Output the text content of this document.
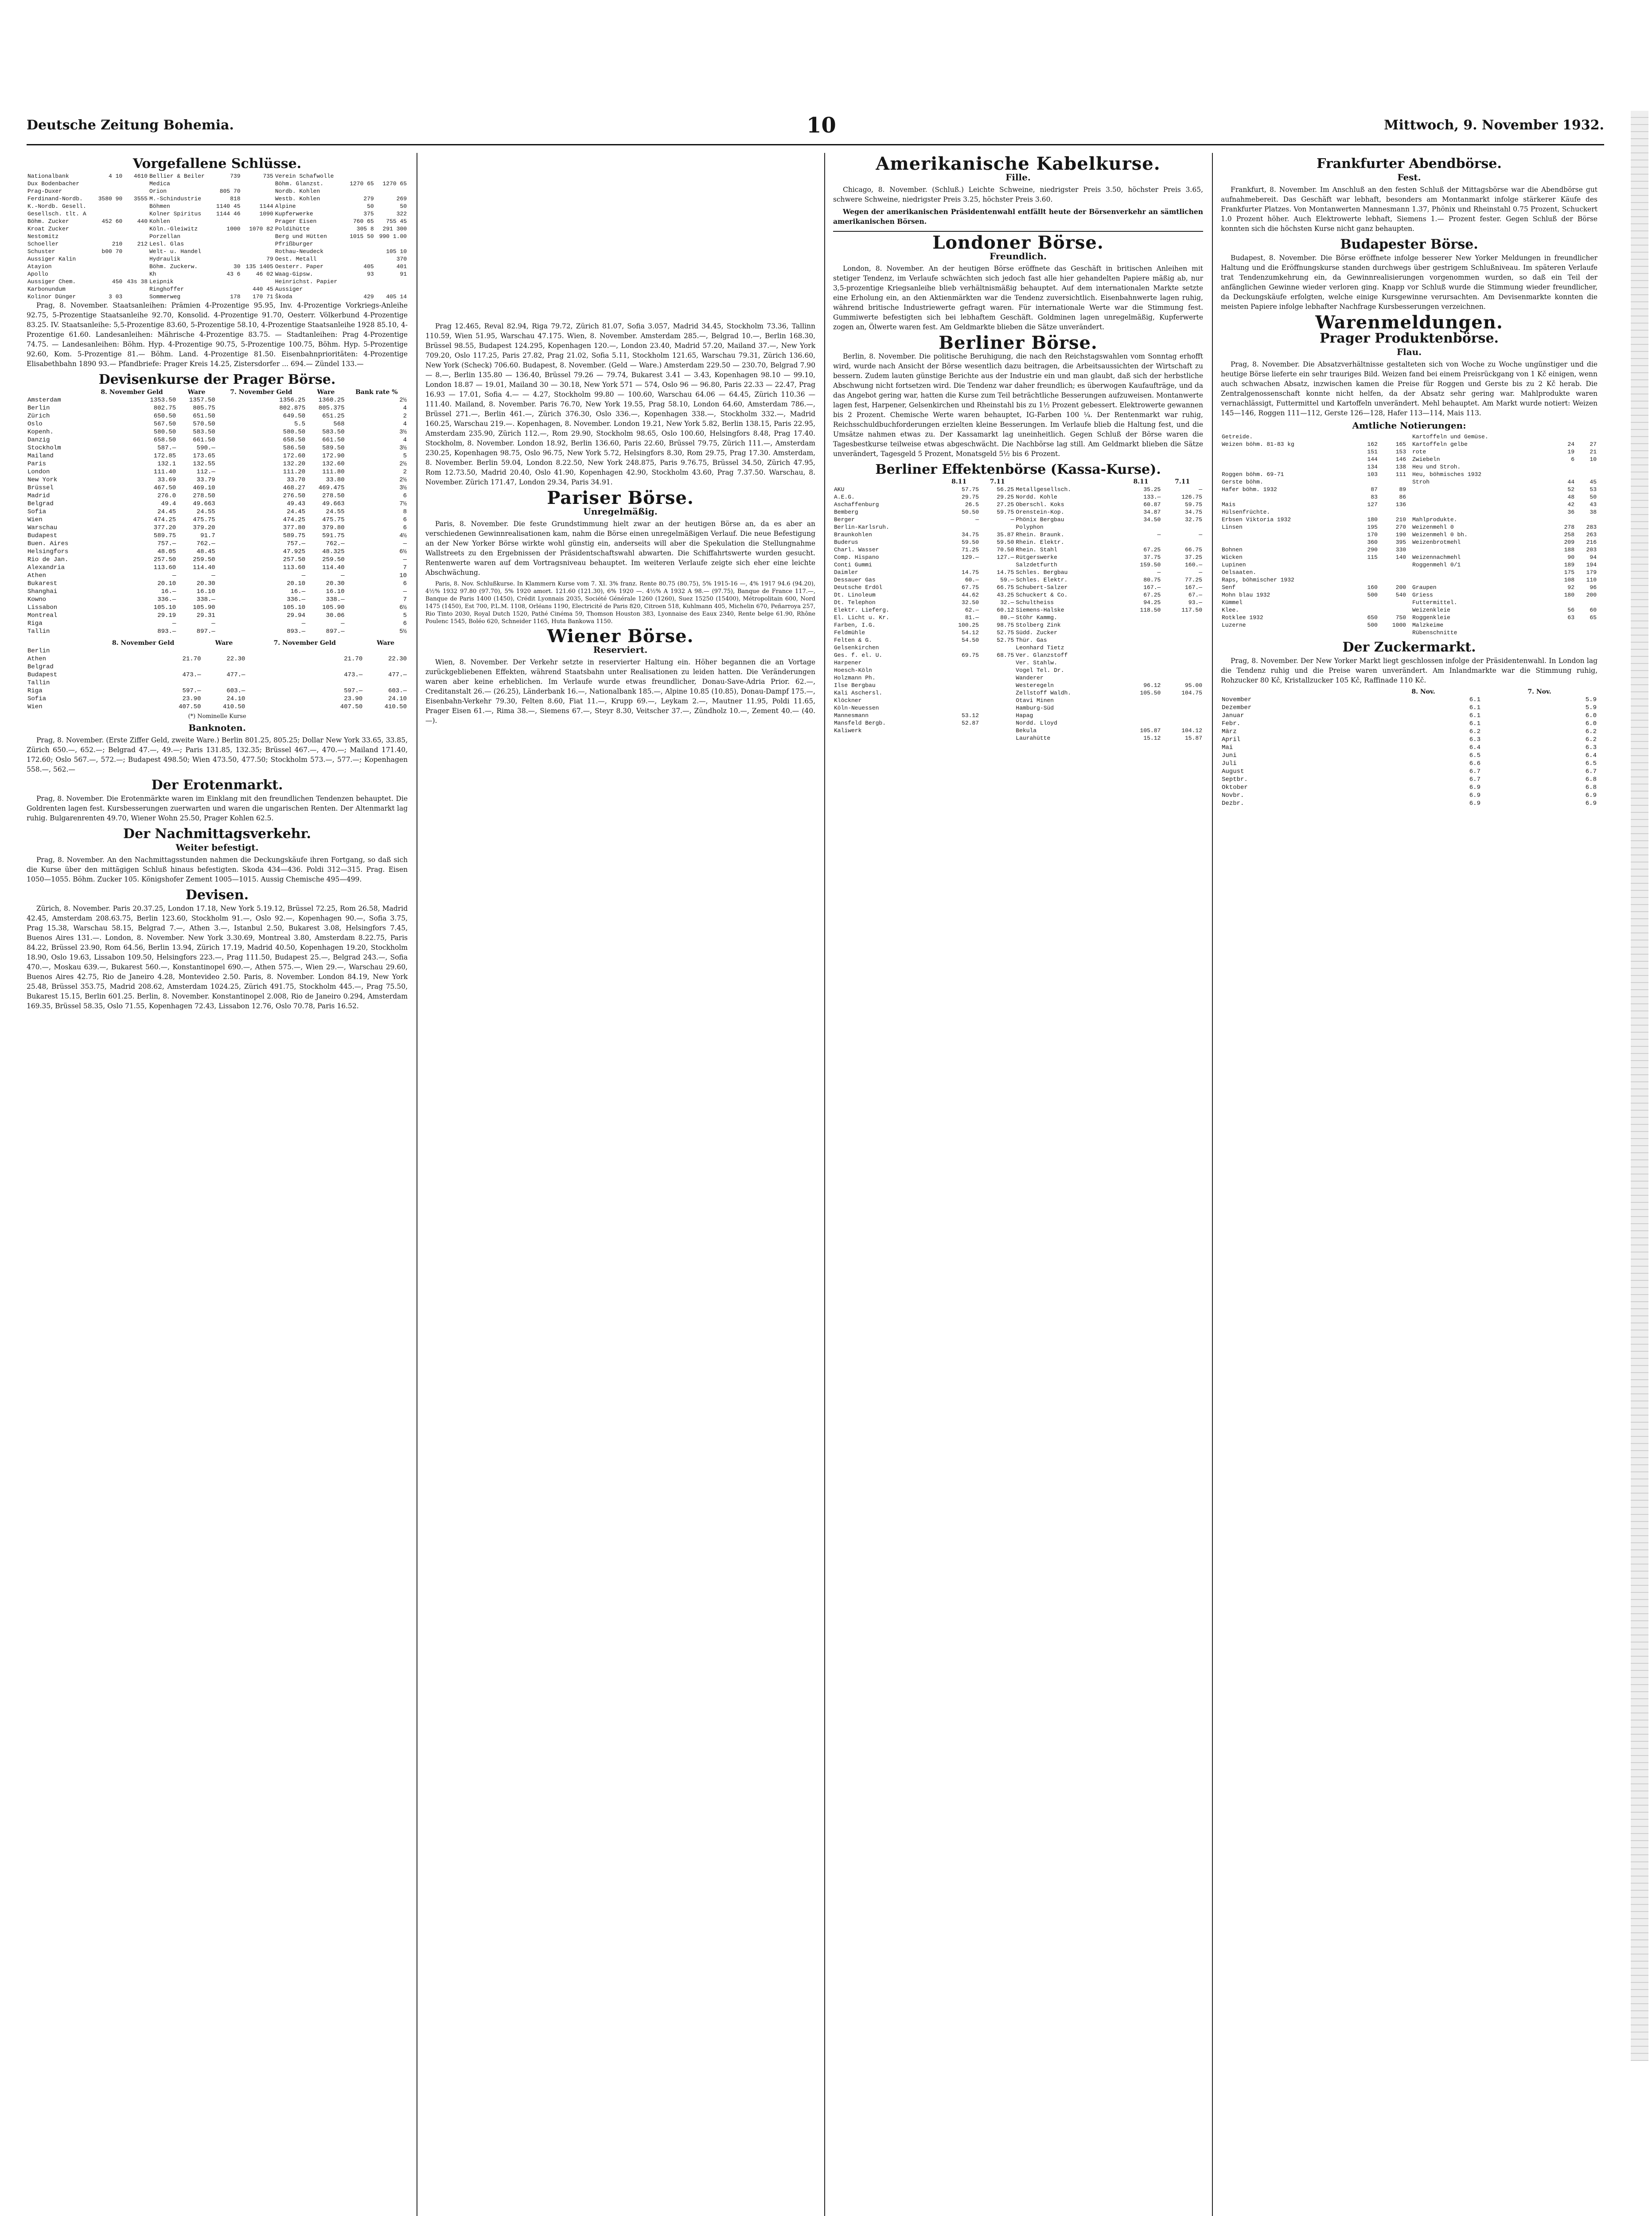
Deutsche Zeitung Bohemia.	10	Mittwoch, 9. November 1932.
Vorgefallene Schlüsse.
Nationalbank	4 10	4610	Bellier & Beiler	739	735	Verein Schafwolle		
Dux Bodenbacher			Medica			Böhm. Glanzst.	1270 65	1270 65
Prag-Duxer			Orion	805 70		Nordb. Kohlen		
Ferdinand-Nordb.	3580 90	3555	M.-Schindustrie	818		Westb. Kohlen	279	269
K.-Nordb. Gesell.			Böhmen	1140 45	1144	Alpine	50	50
Gesellsch. tlt. A			Kolner Spiritus	1144 46	1090	Kupferwerke	375	322
Böhm. Zucker	452 60	440	Kohlen			Prager Eisen	760 65	755 45
Kroat Zucker			Köln.-Gleiwitz	1000	1070 82	Poldihütte	305 8	291 300
Nestomitz			Porzellan			Berg und Hütten	1015 50	990 1.00
Schoeller	210	212	Lesl. Glas			Pfrißburger		
Schuster	b00 70		Welt- u. Handel			Rothau-Neudeck		105 10
Aussiger Kalin			Hydraulik		79	Oest. Metall		370
Atayion			Böhm. Zuckerw.	30	135 1405	Oesterr. Paper	405	401
Apollo			Kh	43 6	46 02	Waag-Gipsw.	93	91
Aussiger Chem.	450	43s 38	Leipnik			Heinrichst. Papier		
Karbonundum			Ringhoffer		440 45	Aussiger		
Kolinor Dünger	3 03		Sommerweg	178	170 71	Škoda	429	405 14

Prag, 8. November. Staatsanleihen: Prämien 4-Prozentige 95.95, Inv. 4-Prozentige Vorkriegs-Anleihe 92.75, 5-Prozentige Staatsanleihe 92.70, Konsolid. 4-Prozentige 91.70, Oesterr. Völkerbund 4-Prozentige 83.25. IV. Staatsanleihe: 5,5-Prozentige 83.60, 5-Prozentige 58.10, 4-Prozentige Staatsanleihe 1928 85.10, 4-Prozentige 61.60. Landesanleihen: Mährische 4-Prozentige 83.75. — Stadtanleihen: Prag 4-Prozentige 74.75. — Landesanleihen: Böhm. Hyp. 4-Prozentige 90.75, 5-Prozentige 100.75, Böhm. Hyp. 5-Prozentige 92.60, Kom. 5-Prozentige 81.— Böhm. Land. 4-Prozentige 81.50. Eisenbahnprioritäten: 4-Prozentige Elisabethbahn 1890 93.— Pfandbriefe: Prager Kreis 14.25, Zistersdorfer ... 694.— Zündel 133.—

Devisenkurse der Prager Börse.
	8. November Geld	Ware	7. November Geld	Ware	Bank rate %
Amsterdam	1353.50	1357.50	1356.25	1360.25	2½
Berlin	802.75	805.75	802.875	805.375	4
Zürich	650.50	651.50	649.50	651.25	2
Oslo	567.50	570.50	5.5	568	4
Kopenh.	580.50	583.50	580.50	583.50	3½
Danzig	658.50	661.50	658.50	661.50	4
Stockholm	587.—	590.—	586.50	589.50	3½
Mailand	172.85	173.65	172.60	172.90	5
Paris	132.1	132.55	132.20	132.60	2½
London	111.40	112.—	111.20	111.80	2
New York	33.69	33.79	33.70	33.80	2½
Brüssel	467.50	469.10	468.27	469.475	3½
Madrid	276.0	278.50	276.50	278.50	6
Belgrad	49.4	49.663	49.43	49.663	7½
Sofia	24.45	24.55	24.45	24.55	8
Wien	474.25	475.75	474.25	475.75	6
Warschau	377.20	379.20	377.80	379.80	6
Budapest	589.75	91.7	589.75	591.75	4½
Buen. Aires	757.—	762.—	757.—	762.—	—
Helsingfors	48.05	48.45	47.925	48.325	6½
Rio de Jan.	257.50	259.50	257.50	259.50	—
Alexandria	113.60	114.40	113.60	114.40	7
Athen	—	—	—	—	10
Bukarest	20.10	20.30	20.10	20.30	6
Shanghai	16.—	16.10	16.—	16.10	—
Kowno	336.—	338.—	336.—	338.—	7
Lissabon	105.10	105.90	105.10	105.90	6½
Montreal	29.19	29.31	29.94	30.06	5
Riga	—	—	—	—	6
Tallin	893.—	897.—	893.—	897.—	5½
	8. November Geld	Ware	7. November Geld	Ware
Berlin				
Athen	21.70	22.30	21.70	22.30
Belgrad				
Budapest	473.—	477.—	473.—	477.—
Tallin				
Riga	597.—	603.—	597.—	603.—
Sofia	23.90	24.10	23.90	24.10
Wien	407.50	410.50	407.50	410.50
(*) Nominelle Kurse
Banknoten.

Prag, 8. November. (Erste Ziffer Geld, zweite Ware.) Berlin 801.25, 805.25; Dollar New York 33.65, 33.85, Zürich 650.—, 652.—; Belgrad 47.—, 49.—; Paris 131.85, 132.35; Brüssel 467.—, 470.—; Mailand 171.40, 172.60; Oslo 567.—, 572.—; Budapest 498.50; Wien 473.50, 477.50; Stockholm 573.—, 577.—; Kopenhagen 558.—, 562.—

Der Erotenmarkt.

Prag, 8. November. Die Erotenmärkte waren im Einklang mit den freundlichen Tendenzen behauptet. Die Goldrenten lagen fest. Kursbesserungen zuerwarten und waren die ungarischen Renten. Der Altenmarkt lag ruhig. Bulgarenrenten 49.70, Wiener Wohn 25.50, Prager Kohlen 62.5.

Der Nachmittagsverkehr.
Weiter befestigt.

Prag, 8. November. An den Nachmittagsstunden nahmen die Deckungskäufe ihren Fortgang, so daß sich die Kurse über den mittägigen Schluß hinaus befestigten. Skoda 434—436. Poldi 312—315. Prag. Eisen 1050—1055. Böhm. Zucker 105. Königshofer Zement 1005—1015. Aussig Chemische 495—499.

Devisen.

Zürich, 8. November. Paris 20.37.25, London 17.18, New York 5.19.12, Brüssel 72.25, Rom 26.58, Madrid 42.45, Amsterdam 208.63.75, Berlin 123.60, Stockholm 91.—, Oslo 92.—, Kopenhagen 90.—, Sofia 3.75, Prag 15.38, Warschau 58.15, Belgrad 7.—, Athen 3.—, Istanbul 2.50, Bukarest 3.08, Helsingfors 7.45, Buenos Aires 131.—. London, 8. November. New York 3.30.69, Montreal 3.80, Amsterdam 8.22.75, Paris 84.22, Brüssel 23.90, Rom 64.56, Berlin 13.94, Zürich 17.19, Madrid 40.50, Kopenhagen 19.20, Stockholm 18.90, Oslo 19.63, Lissabon 109.50, Helsingfors 223.—, Prag 111.50, Budapest 25.—, Belgrad 243.—, Sofia 470.—, Moskau 639.—, Bukarest 560.—, Konstantinopel 690.—, Athen 575.—, Wien 29.—, Warschau 29.60, Buenos Aires 42.75, Rio de Janeiro 4.28, Montevideo 2.50. Paris, 8. November. London 84.19, New York 25.48, Brüssel 353.75, Madrid 208.62, Amsterdam 1024.25, Zürich 491.75, Stockholm 445.—, Prag 75.50, Bukarest 15.15, Berlin 601.25. Berlin, 8. November. Konstantinopel 2.008, Rio de Janeiro 0.294, Amsterdam 169.35, Brüssel 58.35, Oslo 71.55, Kopenhagen 72.43, Lissabon 12.76, Oslo 70.78, Paris 16.52.

Prag 12.465, Reval 82.94, Riga 79.72, Zürich 81.07, Sofia 3.057, Madrid 34.45, Stockholm 73.36, Tallinn 110.59, Wien 51.95, Warschau 47.175. Wien, 8. November. Amsterdam 285.—, Belgrad 10.—, Berlin 168.30, Brüssel 98.55, Budapest 124.295, Kopenhagen 120.—, London 23.40, Madrid 57.20, Mailand 37.—, New York 709.20, Oslo 117.25, Paris 27.82, Prag 21.02, Sofia 5.11, Stockholm 121.65, Warschau 79.31, Zürich 136.60, New York (Scheck) 706.60. Budapest, 8. November. (Geld — Ware.) Amsterdam 229.50 — 230.70, Belgrad 7.90 — 8.—, Berlin 135.80 — 136.40, Brüssel 79.26 — 79.74, Bukarest 3.41 — 3.43, Kopenhagen 98.10 — 99.10, London 18.87 — 19.01, Mailand 30 — 30.18, New York 571 — 574, Oslo 96 — 96.80, Paris 22.33 — 22.47, Prag 16.93 — 17.01, Sofia 4.— — 4.27, Stockholm 99.80 — 100.60, Warschau 64.06 — 64.45, Zürich 110.36 — 111.40. Mailand, 8. November. Paris 76.70, New York 19.55, Prag 58.10, London 64.60, Amsterdam 786.—, Brüssel 271.—, Berlin 461.—, Zürich 376.30, Oslo 336.—, Kopenhagen 338.—, Stockholm 332.—, Madrid 160.25, Warschau 219.—. Kopenhagen, 8. November. London 19.21, New York 5.82, Berlin 138.15, Paris 22.95, Amsterdam 235.90, Zürich 112.—, Rom 29.90, Stockholm 98.65, Oslo 100.60, Helsingfors 8.48, Prag 17.40. Stockholm, 8. November. London 18.92, Berlin 136.60, Paris 22.60, Brüssel 79.75, Zürich 111.—, Amsterdam 230.25, Kopenhagen 98.75, Oslo 96.75, New York 5.72, Helsingfors 8.30, Rom 29.75, Prag 17.30. Amsterdam, 8. November. Berlin 59.04, London 8.22.50, New York 248.875, Paris 9.76.75, Brüssel 34.50, Zürich 47.95, Rom 12.73.50, Madrid 20.40, Oslo 41.90, Kopenhagen 42.90, Stockholm 43.60, Prag 7.37.50. Warschau, 8. November. Zürich 171.47, London 29.34, Paris 34.91.

Pariser Börse.
Unregelmäßig.

Paris, 8. November. Die feste Grundstimmung hielt zwar an der heutigen Börse an, da es aber an verschiedenen Gewinnrealisationen kam, nahm die Börse einen unregelmäßigen Verlauf. Die neue Befestigung an der New Yorker Börse wirkte wohl günstig ein, anderseits will aber die Spekulation die Stellungnahme Wallstreets zu den Ergebnissen der Präsidentschaftswahl abwarten. Die Schiffahrtswerte wurden gesucht. Rentenwerte waren auf dem Vortragsniveau behauptet. Im weiteren Verlaufe zeigte sich eher eine leichte Abschwächung.

Paris, 8. Nov. Schlußkurse. In Klammern Kurse vom 7. XI. 3% franz. Rente 80.75 (80.75), 5% 1915-16 —, 4% 1917 94.6 (94.20), 4½% 1932 97.80 (97.70), 5% 1920 amort. 121.60 (121.30), 6% 1920 —. 4½% A 1932 A 98.— (97.75), Banque de France 117.—, Banque de Paris 1400 (1450), Crédit Lyonnais 2035, Société Générale 1260 (1260), Suez 15250 (15400), Métropolitain 600, Nord 1475 (1450), Est 700, P.L.M. 1108, Orléans 1190, Electricité de Paris 820, Citroen 518, Kuhlmann 405, Michelin 670, Peñarroya 257, Rio Tinto 2030, Royal Dutch 1520, Pathé Cinéma 59, Thomson Houston 383, Lyonnaise des Eaux 2340, Rente belge 61.90, Rhône Poulenc 1545, Boléo 620, Schneider 1165, Huta Bankowa 1150.

Wiener Börse.
Reserviert.

Wien, 8. November. Der Verkehr setzte in reservierter Haltung ein. Höher begannen die an Vortage zurückgebliebenen Effekten, während Staatsbahn unter Realisationen zu leiden hatten. Die Veränderungen waren aber keine erheblichen. Im Verlaufe wurde etwas freundlicher, Donau-Save-Adria Prior. 62.—, Creditanstalt 26.— (26.25), Länderbank 16.—, Nationalbank 185.—, Alpine 10.85 (10.85), Donau-Dampf 175.—, Eisenbahn-Verkehr 79.30, Felten 8.60, Fiat 11.—, Krupp 69.—, Leykam 2.—, Mautner 11.95, Poldi 11.65, Prager Eisen 61.—, Rima 38.—, Siemens 67.—, Steyr 8.30, Veitscher 37.—, Zündholz 10.—, Zement 40.— (40.—).

Amerikanische Kabelkurse.
Fille.

Chicago, 8. November. (Schluß.) Leichte Schweine, niedrigster Preis 3.50, höchster Preis 3.65, schwere Schweine, niedrigster Preis 3.25, höchster Preis 3.60.

Wegen der amerikanischen Präsidentenwahl entfällt heute der Börsenverkehr an sämtlichen amerikanischen Börsen.

Londoner Börse.
Freundlich.

London, 8. November. An der heutigen Börse eröffnete das Geschäft in britischen Anleihen mit stetiger Tendenz, im Verlaufe schwächten sich jedoch fast alle hier gehandelten Papiere mäßig ab, nur 3,5-prozentige Kriegsanleihe blieb verhältnismäßig behauptet. Auf dem internationalen Markte setzte eine Erholung ein, an den Aktienmärkten war die Tendenz zuversichtlich. Eisenbahnwerte lagen ruhig, während britische Industriewerte gefragt waren. Für internationale Werte war die Stimmung fest. Gummiwerte befestigten sich bei lebhaftem Geschäft. Goldminen lagen unregelmäßig, Kupferwerte zogen an, Ölwerte waren fest. Am Geldmarkte blieben die Sätze unverändert.

Berliner Börse.

Berlin, 8. November. Die politische Beruhigung, die nach den Reichstagswahlen vom Sonntag erhofft wird, wurde nach Ansicht der Börse wesentlich dazu beitragen, die Arbeitsaussichten der Wirtschaft zu bessern. Zudem lauten günstige Berichte aus der Industrie ein und man glaubt, daß sich der herbstliche Abschwung nicht fortsetzen wird. Die Tendenz war daher freundlich; es überwogen Kaufaufträge, und da das Angebot gering war, hatten die Kurse zum Teil beträchtliche Besserungen aufzuweisen. Montanwerte lagen fest, Harpener, Gelsenkirchen und Rheinstahl bis zu 1½ Prozent gebessert. Elektrowerte gewannen bis 2 Prozent. Chemische Werte waren behauptet, IG-Farben 100 ¼. Der Rentenmarkt war ruhig, Reichsschuldbuchforderungen erzielten kleine Besserungen. Im Verlaufe blieb die Haltung fest, und die Umsätze nahmen etwas zu. Der Kassamarkt lag uneinheitlich. Gegen Schluß der Börse waren die Tagesbestkurse teilweise etwas abgeschwächt. Die Nachbörse lag still. Am Geldmarkt blieben die Sätze unverändert, Tagesgeld 5 Prozent, Monatsgeld 5½ bis 6 Prozent.

Berliner Effektenbörse (Kassa-Kurse).
	8.11	7.11		8.11	7.11
AKU	57.75	56.25	Metallgesellsch.	35.25	—
A.E.G.	29.75	29.25	Nordd. Kohle	133.—	126.75
Aschaffenburg	26.5	27.25	Oberschl. Koks	60.87	59.75
Bemberg	50.50	59.75	Orenstein-Kop.	34.87	34.75
Berger	—	—	Phönix Bergbau	34.50	32.75
Berlin-Karlsruh.			Polyphon		
Braunkohlen	34.75	35.87	Rhein. Braunk.	—	—
Buderus	59.50	59.50	Rhein. Elektr.		
Charl. Wasser	71.25	70.50	Rhein. Stahl	67.25	66.75
Comp. Hispano	129.—	127.—	Rütgerswerke	37.75	37.25
Conti Gummi			Salzdetfurth	159.50	160.—
Daimler	14.75	14.75	Schles. Bergbau	—	—
Dessauer Gas	60.—	59.—	Schles. Elektr.	80.75	77.25
Deutsche Erdöl	67.75	66.75	Schubert-Salzer	167.—	167.—
Dt. Linoleum	44.62	43.25	Schuckert & Co.	67.25	67.—
Dt. Telephon	32.50	32.—	Schultheiss	94.25	93.—
Elektr. Lieferg.	62.—	60.12	Siemens-Halske	118.50	117.50
El. Licht u. Kr.	81.—	80.—	Stöhr Kammg.		
Farben, I.G.	100.25	98.75	Stolberg Zink		
Feldmühle	54.12	52.75	Südd. Zucker		
Felten & G.	54.50	52.75	Thür. Gas		
Gelsenkirchen			Leonhard Tietz		
Ges. f. el. U.	69.75	68.75	Ver. Glanzstoff		
Harpener			Ver. Stahlw.		
Hoesch-Köln			Vogel Tel. Dr.		
Holzmann Ph.			Wanderer		
Ilse Bergbau			Westeregeln	96.12	95.00
Kali Aschersl.			Zellstoff Waldh.	105.50	104.75
Klöckner			Otavi Minen		
Köln-Neuessen			Hamburg-Süd		
Mannesmann	53.12		Hapag		
Mansfeld Bergb.	52.87		Nordd. Lloyd		
Kaliwerk			Bekula	105.87	104.12
			Laurahütte	15.12	15.87
Frankfurter Abendbörse.
Fest.

Frankfurt, 8. November. Im Anschluß an den festen Schluß der Mittagsbörse war die Abendbörse gut aufnahmebereit. Das Geschäft war lebhaft, besonders am Montanmarkt infolge stärkerer Käufe des Frankfurter Platzes. Von Montanwerten Mannesmann 1.37, Phönix und Rheinstahl 0.75 Prozent, Schuckert 1.0 Prozent höher. Auch Elektrowerte lebhaft, Siemens 1.— Prozent fester. Gegen Schluß der Börse konnten sich die höchsten Kurse nicht ganz behaupten.

Budapester Börse.

Budapest, 8. November. Die Börse eröffnete infolge besserer New Yorker Meldungen in freundlicher Haltung und die Eröffnungskurse standen durchwegs über gestrigem Schlußniveau. Im späteren Verlaufe trat Tendenzumkehrung ein, da Gewinnrealisierungen vorgenommen wurden, so daß ein Teil der anfänglichen Gewinne wieder verloren ging. Knapp vor Schluß wurde die Stimmung wieder freundlicher, da Deckungskäufe erfolgten, welche einige Kursgewinne verursachten. Am Devisenmarkte konnten die meisten Papiere infolge lebhafter Nachfrage Kursbesserungen verzeichnen.

Warenmeldungen.
Prager Produktenbörse.
Flau.

Prag, 8. November. Die Absatzverhältnisse gestalteten sich von Woche zu Woche ungünstiger und die heutige Börse lieferte ein sehr trauriges Bild. Weizen fand bei einem Preisrückgang von 1 Kč einigen, wenn auch schwachen Absatz, inzwischen kamen die Preise für Roggen und Gerste bis zu 2 Kč herab. Die Zentralgenossenschaft konnte nicht helfen, da der Absatz sehr gering war. Mahlprodukte waren vernachlässigt, Futtermittel und Kartoffeln unverändert. Mehl behauptet. Am Markt wurde notiert: Weizen 145—146, Roggen 111—112, Gerste 126—128, Hafer 113—114, Mais 113.

Amtliche Notierungen:
Getreide.		
Weizen böhm. 81-83 kg	162	165
	151	153
	144	146
	134	138
Roggen böhm. 69-71	103	111
Gerste böhm.		
Hafer böhm. 1932	87	89
	83	86
Mais	127	136
Hülsenfrüchte.		
Erbsen Viktoria 1932	180	210
Linsen	195	270
	170	190
	360	395
Bohnen	290	330
Wicken	115	140
Lupinen		
Oelsaaten.		
Raps, böhmischer 1932		
Senf	160	200
Mohn blau 1932	500	540
Kümmel		
Klee.		
Rotklee 1932	650	750
Luzerne	500	1000
Kartoffeln und Gemüse.		
Kartoffeln gelbe	24	27
rote	19	21
Zwiebeln	6	10
Heu und Stroh.		
Heu, böhmisches 1932		
Stroh	44	45
	52	53
	48	50
	42	43
	36	38
Mahlprodukte.		
Weizenmehl 0	278	283
Weizenmehl 0 bh.	258	263
Weizenbrotmehl	209	216
	188	203
Weizennachmehl	90	94
Roggenmehl 0/1	189	194
	175	179
	108	110
Graupen	92	96
Griess	180	200
Futtermittel.		
Weizenkleie	56	60
Roggenkleie	63	65
Malzkeime		
Rübenschnitte		
Der Zuckermarkt.

Prag, 8. November. Der New Yorker Markt liegt geschlossen infolge der Präsidentenwahl. In London lag die Tendenz ruhig und die Preise waren unverändert. Am Inlandmarkte war die Stimmung ruhig, Rohzucker 80 Kč, Kristallzucker 105 Kč, Raffinade 110 Kč.

	8. Nov.	7. Nov.
November	6.1	5.9
Dezember	6.1	5.9
Januar	6.1	6.0
Febr.	6.1	6.0
März	6.2	6.2
April	6.3	6.2
Mai	6.4	6.3
Juni	6.5	6.4
Juli	6.6	6.5
August	6.7	6.7
Septbr.	6.7	6.8
Oktober	6.9	6.8
Novbr.	6.9	6.9
Dezbr.	6.9	6.9
